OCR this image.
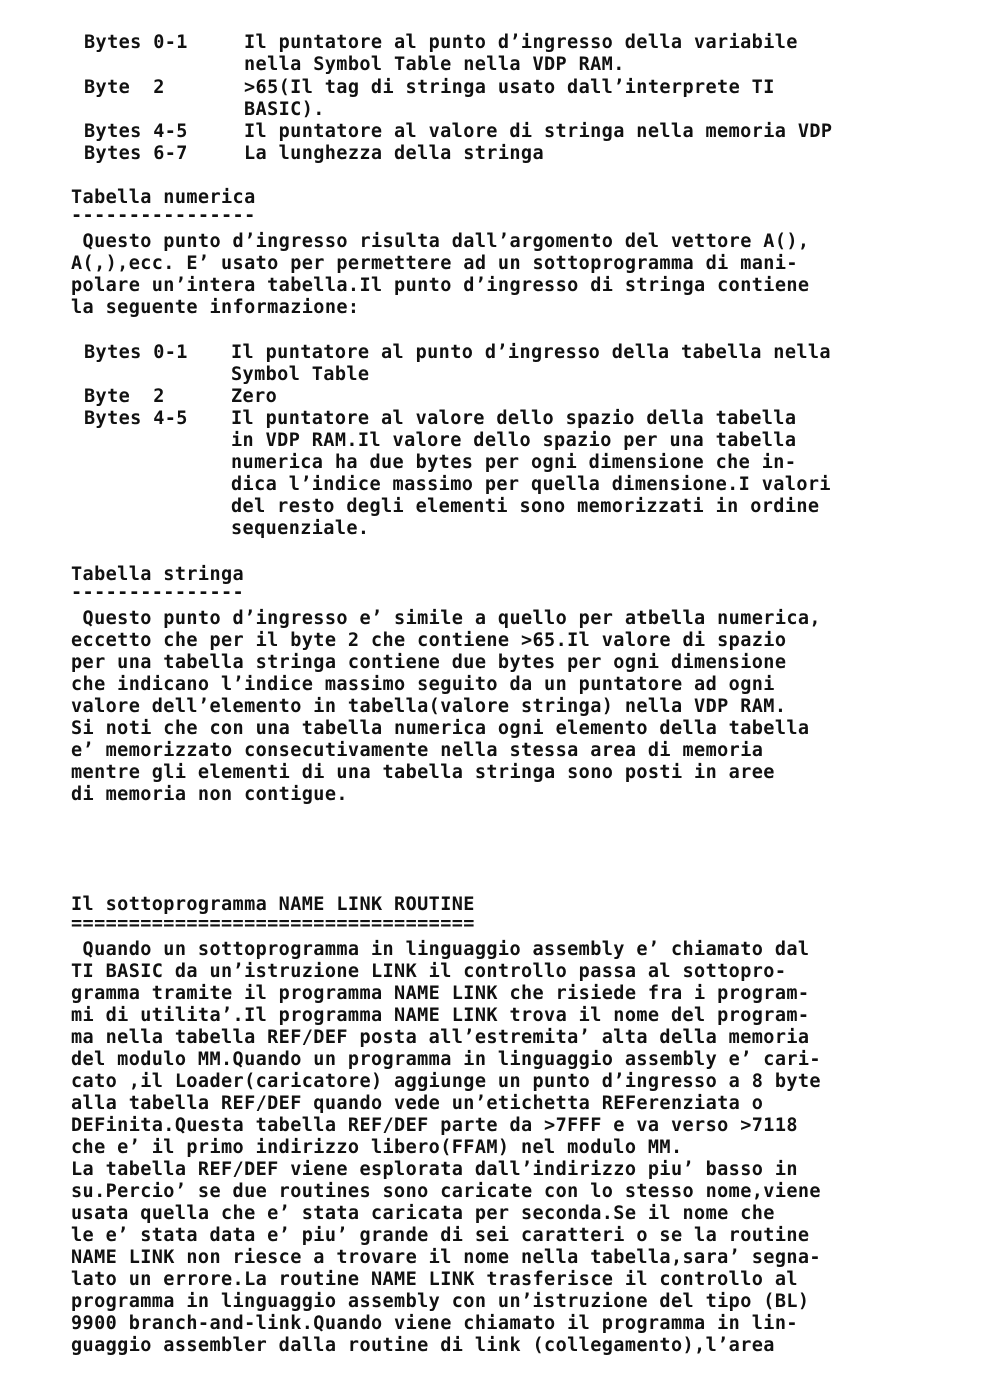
Bytes 0-1	Il puntatore al punto d’ingresso della variabile
nella Symbol Table nella VDP RAM.
Byte  2	>65(Il tag di stringa usato dall’interprete TI
BASIC).
Bytes 4-5	Il puntatore al valore di stringa nella memoria VDP
Bytes 6-7	La lunghezza della stringa
Tabella numerica
----------------
Questo punto d’ingresso risulta dall’argomento del vettore A(),
A(,),ecc. E’ usato per permettere ad un sottoprogramma di mani-
polare un’intera tabella.Il punto d’ingresso di stringa contiene
la seguente informazione:
Bytes 0-1 Il puntatore al punto d’ingresso della tabella nella
Symbol Table
Byte  2	Zero
Bytes 4-5 Il puntatore al valore dello spazio della tabella
in VDP RAM.Il valore dello spazio per una tabella
numerica ha due bytes per ogni dimensione che in-
dica l’indice massimo per quella dimensione.I valori
del resto degli elementi sono memorizzati in ordine
sequenziale.
Tabella stringa
---------------
Questo punto d’ingresso e’ simile a quello per atbella numerica,
eccetto che per il byte 2 che contiene >65.Il valore di spazio
per una tabella stringa contiene due bytes per ogni dimensione
che indicano l’indice massimo seguito da un puntatore ad ogni
valore dell’elemento in tabella(valore stringa) nella VDP RAM.
Si noti che con una tabella numerica ogni elemento della tabella
e’ memorizzato consecutivamente nella stessa area di memoria
mentre gli elementi di una tabella stringa sono posti in aree
di memoria non contigue.
Il sottoprogramma NAME LINK ROUTINE
===================================
Quando un sottoprogramma in linguaggio assembly e’ chiamato dal
TI BASIC da un’istruzione LINK il controllo passa al sottopro-
gramma tramite il programma NAME LINK che risiede fra i program-
mi di utilita’.Il programma NAME LINK trova il nome del program-
ma nella tabella REF/DEF posta all’estremita’ alta della memoria
del modulo MM.Quando un programma in linguaggio assembly e’ cari-
cato ,il Loader(caricatore) aggiunge un punto d’ingresso a 8 byte
alla tabella REF/DEF quando vede un’etichetta REFerenziata o
DEFinita.Questa tabella REF/DEF parte da >7FFF e va verso >7118
che e’ il primo indirizzo libero(FFAM) nel modulo MM.
La tabella REF/DEF viene esplorata dall’indirizzo piu’ basso in
su.Percio’ se due routines sono caricate con lo stesso nome,viene
usata quella che e’ stata caricata per seconda.Se il nome che
le e’ stata data e’ piu’ grande di sei caratteri o se la routine
NAME LINK non riesce a trovare il nome nella tabella,sara’ segna-
lato un errore.La routine NAME LINK trasferisce il controllo al
programma in linguaggio assembly con un’istruzione del tipo (BL)
9900 branch-and-link.Quando viene chiamato il programma in lin-
guaggio assembler dalla routine di link (collegamento),l’area
